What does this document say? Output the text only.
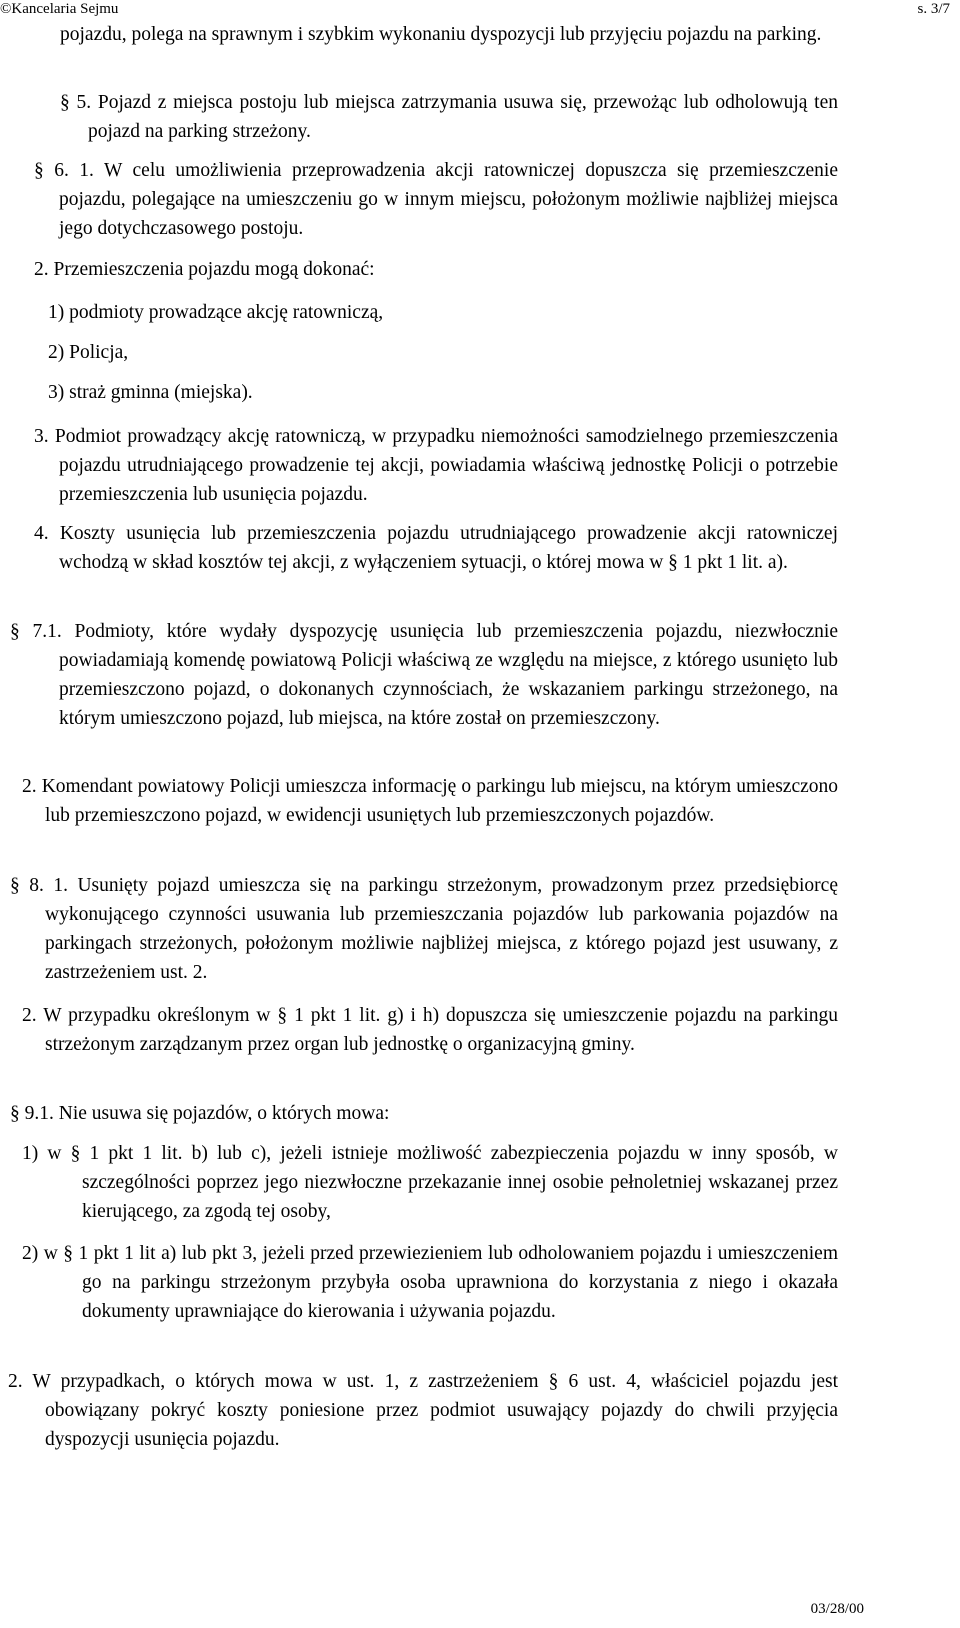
©Kancelaria Sejmu	s. 3/7

pojazdu, polega na sprawnym i szybkim wykonaniu dyspozycji lub przyjęciu pojazdu na parking.

§ 5. Pojazd z miejsca postoju lub miejsca zatrzymania usuwa się, przewożąc lub odholowują ten pojazd na parking strzeżony.

§ 6. 1. W celu umożliwienia przeprowadzenia akcji ratowniczej dopuszcza się przemieszczenie pojazdu, polegające na umieszczeniu go w innym miejscu, położonym możliwie najbliżej miejsca jego dotychczasowego postoju.

2. Przemieszczenia pojazdu mogą dokonać:

1) podmioty prowadzące akcję ratowniczą,

2) Policja,

3) straż gminna (miejska).

3. Podmiot prowadzący akcję ratowniczą, w przypadku niemożności samodzielnego przemieszczenia pojazdu utrudniającego prowadzenie tej akcji, powiadamia właściwą jednostkę Policji o potrzebie przemieszczenia lub usunięcia pojazdu.

4. Koszty usunięcia lub przemieszczenia pojazdu utrudniającego prowadzenie akcji ratowniczej wchodzą w skład kosztów tej akcji, z wyłączeniem sytuacji, o której mowa w § 1 pkt 1 lit. a).

§ 7.1. Podmioty, które wydały dyspozycję usunięcia lub przemieszczenia pojazdu, niezwłocznie powiadamiają komendę powiatową Policji właściwą ze względu na miejsce, z którego usunięto lub przemieszczono pojazd, o dokonanych czynnościach, że wskazaniem parkingu strzeżonego, na którym umieszczono pojazd, lub miejsca, na które został on przemieszczony.

2. Komendant powiatowy Policji umieszcza informację o parkingu lub miejscu, na którym umieszczono lub przemieszczono pojazd, w ewidencji usuniętych lub przemieszczonych pojazdów.

§ 8. 1. Usunięty pojazd umieszcza się na parkingu strzeżonym, prowadzonym przez przedsiębiorcę wykonującego czynności usuwania lub przemieszczania pojazdów lub parkowania pojazdów na parkingach strzeżonych, położonym możliwie najbliżej miejsca, z którego pojazd jest usuwany, z zastrzeżeniem ust. 2.

2. W przypadku określonym w § 1 pkt 1 lit. g) i h) dopuszcza się umieszczenie pojazdu na parkingu strzeżonym zarządzanym przez organ lub jednostkę o organizacyjną gminy.

§ 9.1. Nie usuwa się pojazdów, o których mowa:

1) w § 1 pkt 1 lit. b) lub c), jeżeli istnieje możliwość zabezpieczenia pojazdu w inny sposób, w szczególności poprzez jego niezwłoczne przekazanie innej osobie pełnoletniej wskazanej przez kierującego, za zgodą tej osoby,

2) w § 1 pkt 1 lit a) lub pkt 3, jeżeli przed przewiezieniem lub odholowaniem pojazdu i umieszczeniem go na parkingu strzeżonym przybyła osoba uprawniona do korzystania z niego i okazała dokumenty uprawniające do kierowania i używania pojazdu.

2. W przypadkach, o których mowa w ust. 1, z zastrzeżeniem § 6 ust. 4, właściciel pojazdu jest obowiązany pokryć koszty poniesione przez podmiot usuwający pojazdy do chwili przyjęcia dyspozycji usunięcia pojazdu.

03/28/00
